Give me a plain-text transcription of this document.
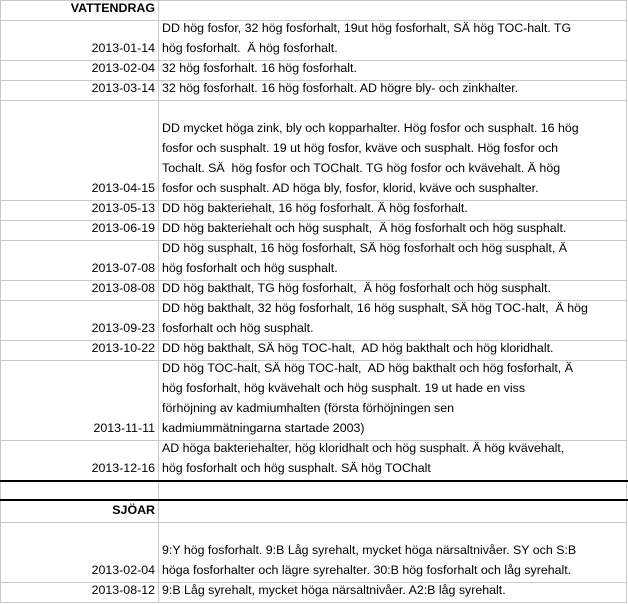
VATTENDRAG
2013-01-14
DD hög fosfor, 32 hög fosforhalt, 19ut hög fosforhalt, SÄ hög TOC-halt. TG
hög fosforhalt.  Ä hög fosforhalt.
2013-02-04 32 hög fosforhalt. 16 hög fosforhalt.
2013-03-14 32 hög fosforhalt. 16 hög fosforhalt. AD högre bly- och zinkhalter.
2013-04-15
DD mycket höga zink, bly och kopparhalter. Hög fosfor och susphalt. 16 hög
fosfor och susphalt. 19 ut hög fosfor, kväve och susphalt. Hög fosfor och
Tochalt. SÄ  hög fosfor och TOChalt. TG hög fosfor och kvävehalt. Ä hög
fosfor och susphalt. AD höga bly, fosfor, klorid, kväve och susphalter.
2013-05-13 DD hög bakteriehalt, 16 hög fosforhalt. Ä hög fosforhalt.
2013-06-19 DD hög bakteriehalt och hög susphalt,  Ä hög fosforhalt och hög susphalt.
2013-07-08
DD hög susphalt, 16 hög fosforhalt, SÄ hög fosforhalt och hög susphalt, Ä
hög fosforhalt och hög susphalt.
2013-08-08 DD hög bakthalt, TG hög fosforhalt,  Ä hög fosforhalt och hög susphalt.
2013-09-23
DD hög bakthalt, 32 hög fosforhalt, 16 hög susphalt, SÄ hög TOC-halt,  Ä hög
fosforhalt och hög susphalt.
2013-10-22 DD hög bakthalt, SÄ hög TOC-halt,  AD hög bakthalt och hög kloridhalt.
2013-11-11
DD hög TOC-halt, SÄ hög TOC-halt,  AD hög bakthalt och hög fosforhalt, Ä
hög fosforhalt, hög kvävehalt och hög susphalt. 19 ut hade en viss
förhöjning av kadmiumhalten (första förhöjningen sen
kadmiummätningarna startade 2003)
2013-12-16
AD höga bakteriehalter, hög kloridhalt och hög susphalt. Ä hög kvävehalt,
hög fosforhalt och hög susphalt. SÄ hög TOChalt
SJÖAR
2013-02-04
9:Y hög fosforhalt. 9:B Låg syrehalt, mycket höga närsaltnivåer. SY och S:B
höga fosforhalter och lägre syrehalter. 30:B hög fosforhalt och låg syrehalt.
2013-08-12 9:B Låg syrehalt, mycket höga närsaltnivåer. A2:B låg syrehalt.
